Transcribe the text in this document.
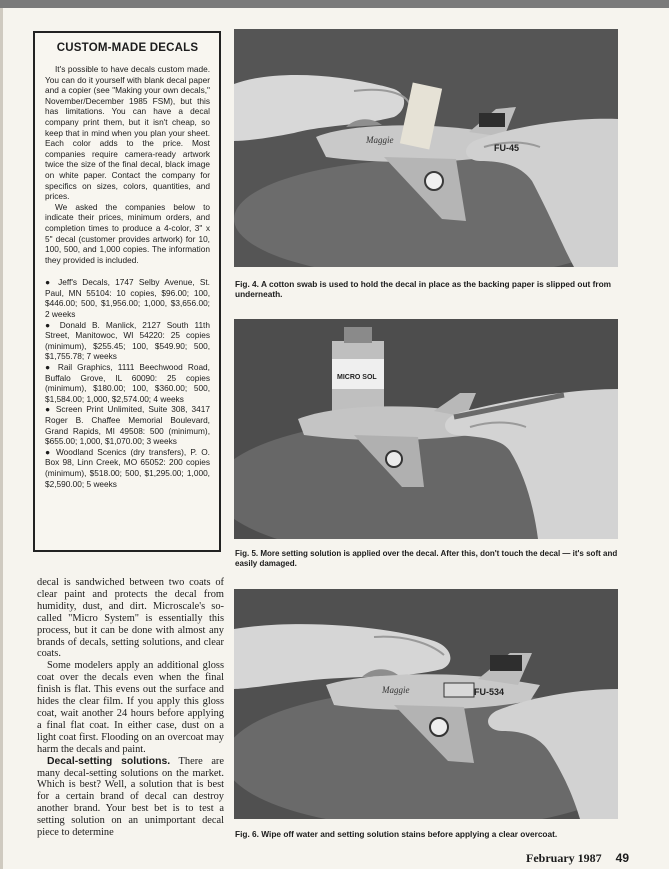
CUSTOM-MADE DECALS

It's possible to have decals custom made. You can do it yourself with blank decal paper and a copier (see "Making your own decals," November/December 1985 FSM), but this has limitations. You can have a decal company print them, but it isn't cheap, so keep that in mind when you plan your sheet. Each color adds to the price. Most companies require camera-ready artwork twice the size of the final decal, black image on white paper. Contact the company for specifics on sizes, colors, quantities, and prices.

We asked the companies below to indicate their prices, minimum orders, and completion times to produce a 4-color, 3" x 5" decal (customer provides artwork) for 10, 100, 500, and 1,000 copies. The information they provided is included.

● Jeff's Decals, 1747 Selby Avenue, St. Paul, MN 55104: 10 copies, $96.00; 100, $446.00; 500, $1,956.00; 1,000, $3,656.00; 2 weeks
● Donald B. Manlick, 2127 South 11th Street, Manitowoc, WI 54220: 25 copies (minimum), $255.45; 100, $549.90; 500, $1,755.78; 7 weeks
● Rail Graphics, 1111 Beechwood Road, Buffalo Grove, IL 60090: 25 copies (minimum), $180.00; 100, $360.00; 500, $1,584.00; 1,000, $2,574.00; 4 weeks
● Screen Print Unlimited, Suite 308, 3417 Roger B. Chaffee Memorial Boulevard, Grand Rapids, MI 49508: 500 (minimum), $655.00; 1,000, $1,070.00; 3 weeks
● Woodland Scenics (dry transfers), P. O. Box 98, Linn Creek, MO 65052: 200 copies (minimum), $518.00; 500, $1,295.00; 1,000, $2,590.00; 5 weeks

decal is sandwiched between two coats of clear paint and protects the decal from humidity, dust, and dirt. Microscale's so-called "Micro System" is essentially this process, but it can be done with almost any brands of decals, setting solutions, and clear coats.

Some modelers apply an additional gloss coat over the decals even when the final finish is flat. This evens out the surface and hides the clear film. If you apply this gloss coat, wait another 24 hours before applying a final flat coat. In either case, dust on a light coat first. Flooding on an overcoat may harm the decals and paint.

Decal-setting solutions. There are many decal-setting solutions on the market. Which is best? Well, a solution that is best for a certain brand of decal can destroy another brand. Your best bet is to test a setting solution on an unimportant decal piece to determine

FU-45
Maggie

Fig. 4. A cotton swab is used to hold the decal in place as the backing paper is slipped out from underneath.

MICRO SOL

Fig. 5. More setting solution is applied over the decal. After this, don't touch the decal — it's soft and easily damaged.

FU-534
Maggie

Fig. 6. Wipe off water and setting solution stains before applying a clear overcoat.

February 1987 49
